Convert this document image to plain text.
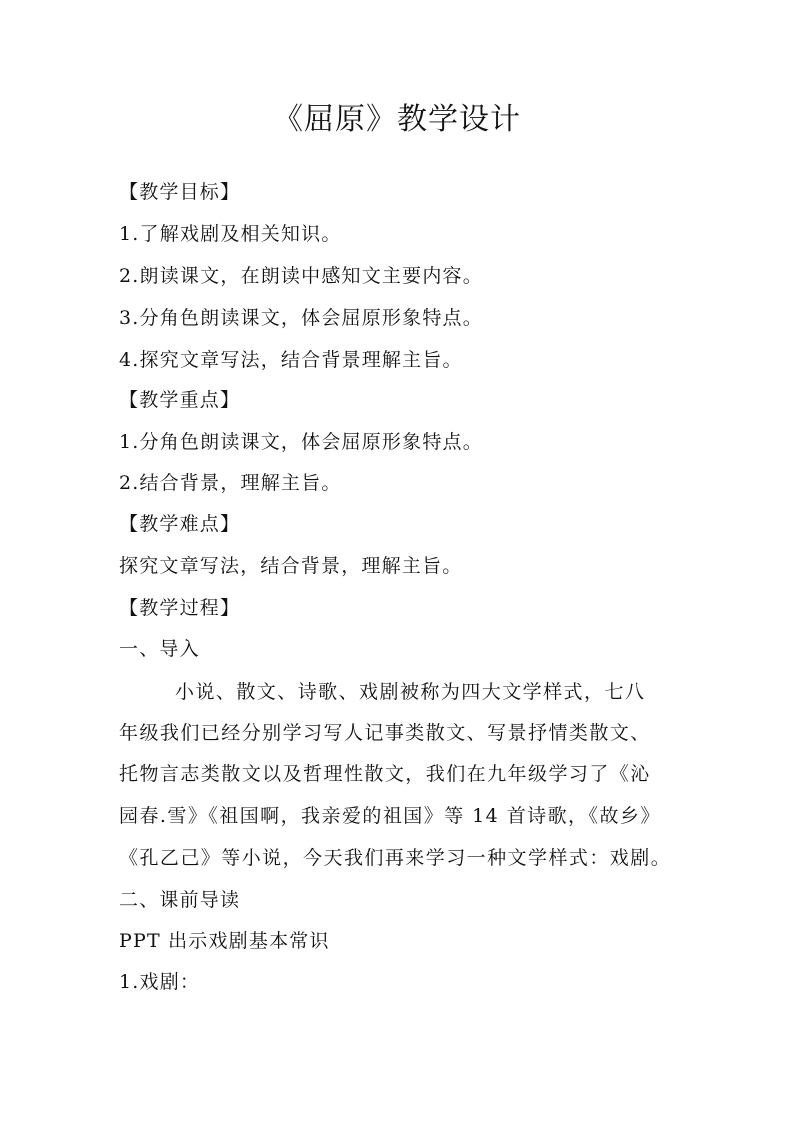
《屈原》教学设计
【教学目标】
1.了解戏剧及相关知识。
2.朗读课文，在朗读中感知文主要内容。
3.分角色朗读课文，体会屈原形象特点。
4.探究文章写法，结合背景理解主旨。
【教学重点】
1.分角色朗读课文，体会屈原形象特点。
2.结合背景，理解主旨。
【教学难点】
探究文章写法，结合背景，理解主旨。
【教学过程】
一、导入
小说、散文、诗歌、戏剧被称为四大文学样式，七八
年级我们已经分别学习写人记事类散文、写景抒情类散文、
托物言志类散文以及哲理性散文，我们在九年级学习了《沁
园春.雪》《祖国啊，我亲爱的祖国》等 14 首诗歌，《故乡》
《孔乙己》等小说，今天我们再来学习一种文学样式：戏剧。
二、课前导读
PPT 出示戏剧基本常识
1.戏剧：
